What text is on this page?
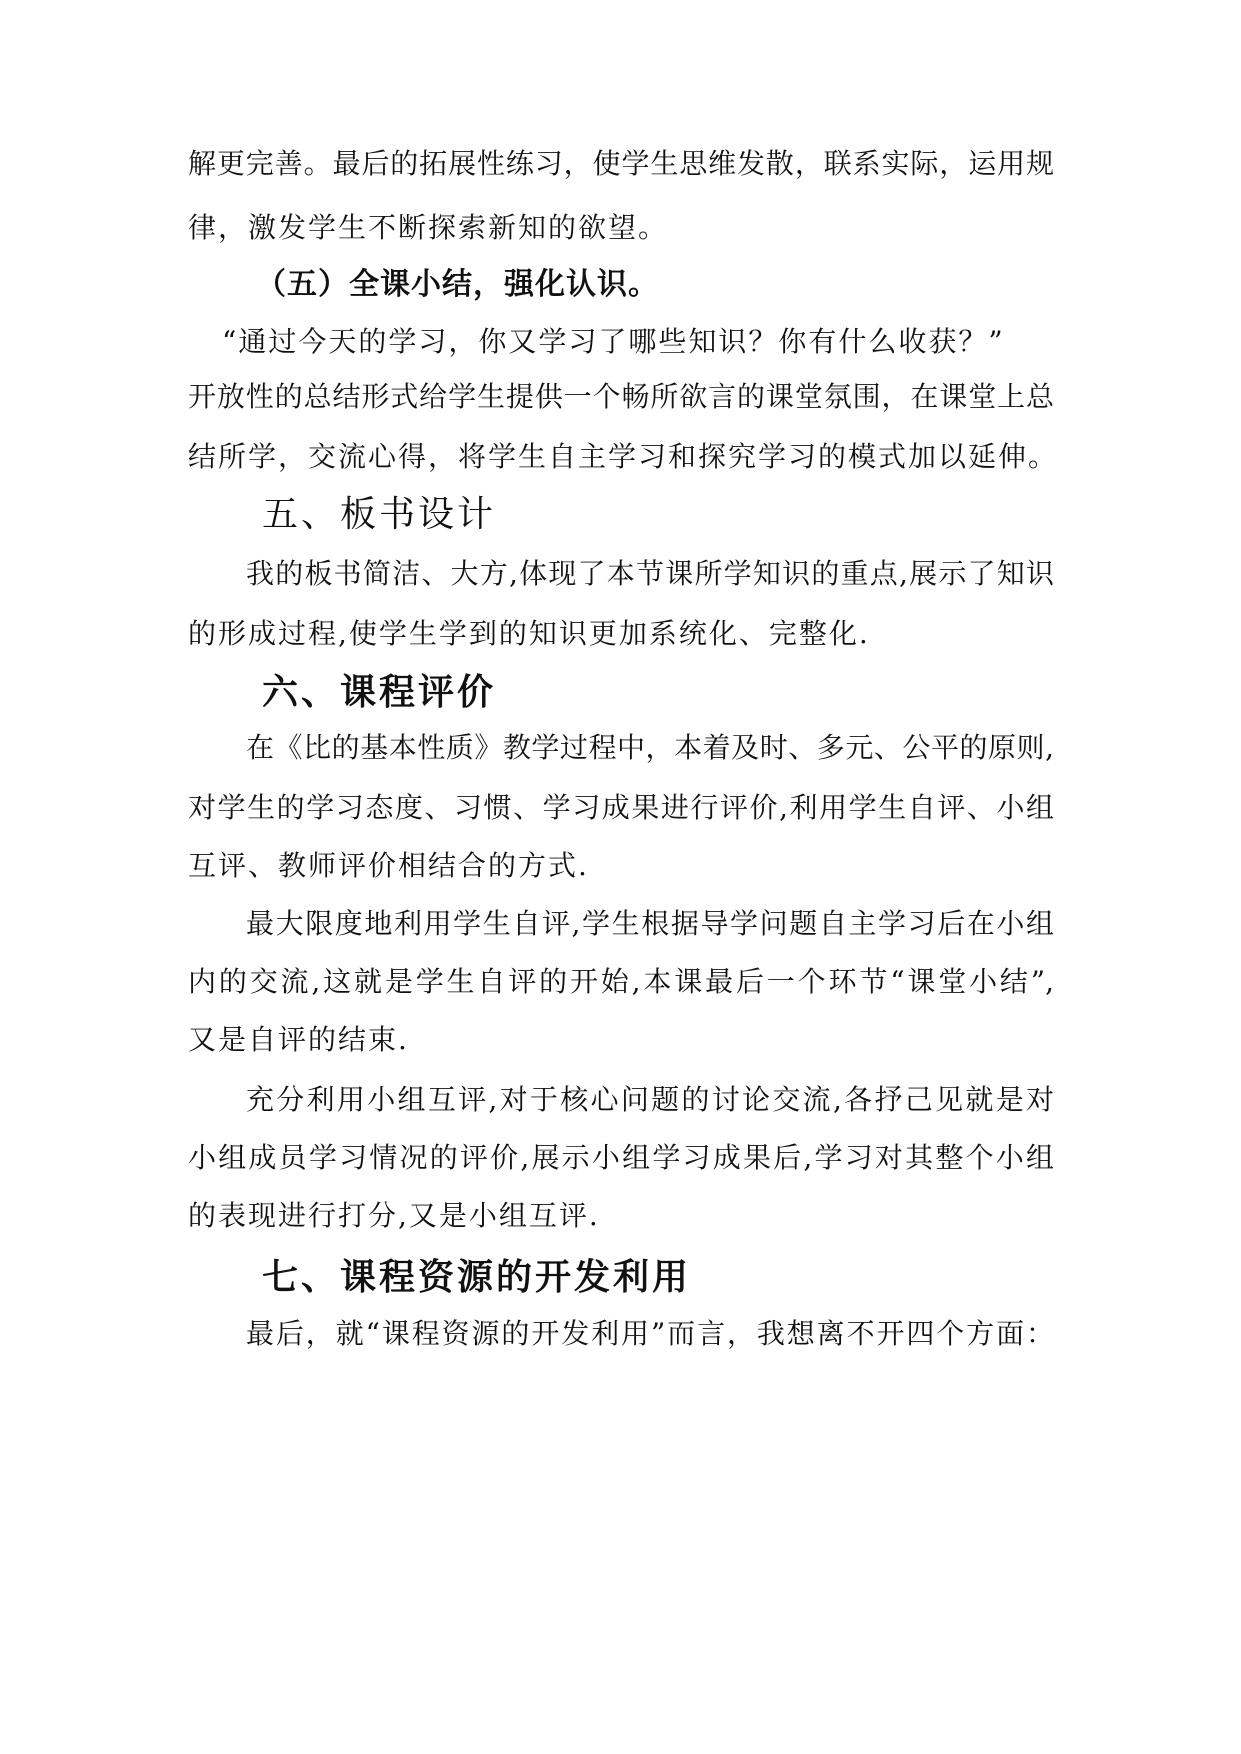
解更完善。最后的拓展性练习，使学生思维发散，联系实际，运用规
律，激发学生不断探索新知的欲望。
（五）全课小结，强化认识。
“通过今天的学习，你又学习了哪些知识？你有什么收获？”
开放性的总结形式给学生提供一个畅所欲言的课堂氛围，在课堂上总
结所学，交流心得，将学生自主学习和探究学习的模式加以延伸。
五、板书设计
我的板书简洁、大方,体现了本节课所学知识的重点,展示了知识
的形成过程,使学生学到的知识更加系统化、完整化.
六、课程评价
在《比的基本性质》教学过程中，本着及时、多元、公平的原则,
对学生的学习态度、习惯、学习成果进行评价,利用学生自评、小组
互评、教师评价相结合的方式.
最大限度地利用学生自评,学生根据导学问题自主学习后在小组
内的交流,这就是学生自评的开始,本课最后一个环节“课堂小结”,
又是自评的结束.
充分利用小组互评,对于核心问题的讨论交流,各抒己见就是对
小组成员学习情况的评价,展示小组学习成果后,学习对其整个小组
的表现进行打分,又是小组互评.
七、课程资源的开发利用
最后，就“课程资源的开发利用”而言，我想离不开四个方面：
